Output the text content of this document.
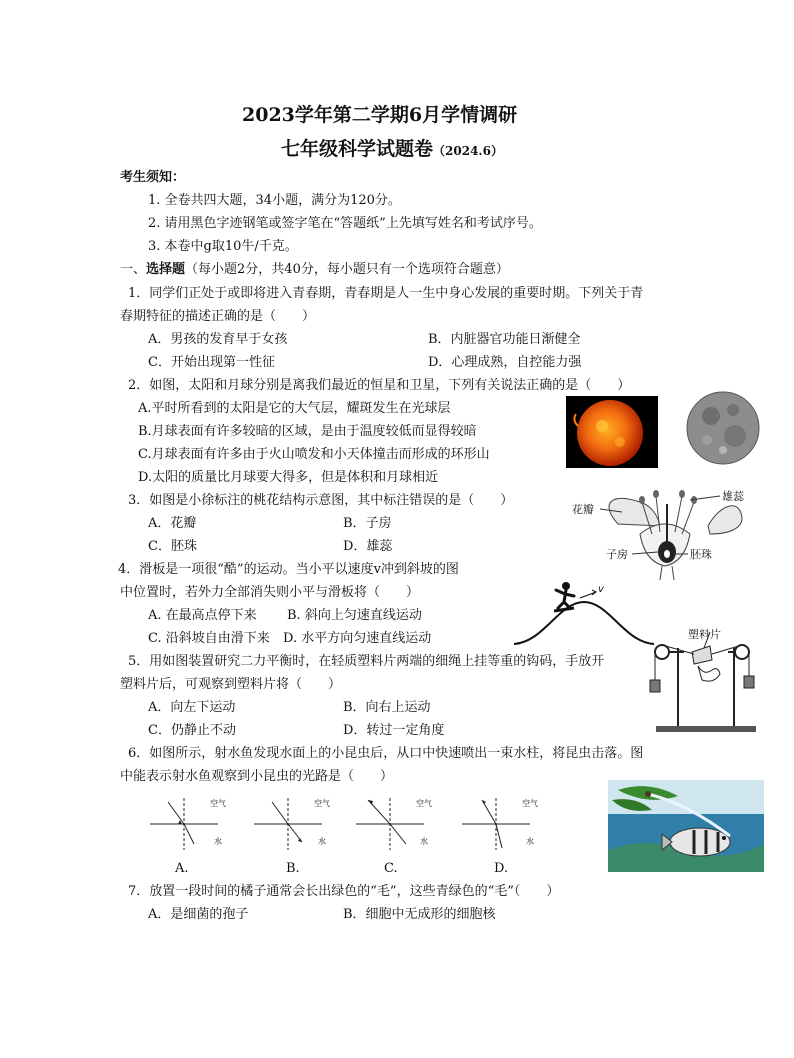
2023学年第二学期6月学情调研
七年级科学试题卷（2024.6）
考生须知：
1. 全卷共四大题，34小题，满分为120分。
2. 请用黑色字迹钢笔或签字笔在“答题纸”上先填写姓名和考试序号。
3. 本卷中g取10牛/千克。
一、选择题（每小题2分，共40分，每小题只有一个选项符合题意）
1．同学们正处于或即将进入青春期，青春期是人一生中身心发展的重要时期。下列关于青
春期特征的描述正确的是（　　）
A．男孩的发育早于女孩	B．内脏器官功能日渐健全
C．开始出现第一性征	D．心理成熟，自控能力强
2．如图，太阳和月球分别是离我们最近的恒星和卫星，下列有关说法正确的是（　　）
A.平时所看到的太阳是它的大气层，耀斑发生在光球层
B.月球表面有许多较暗的区域，是由于温度较低而显得较暗
C.月球表面有许多由于火山喷发和小天体撞击而形成的环形山
D.太阳的质量比月球要大得多，但是体积和月球相近
3．如图是小徐标注的桃花结构示意图，其中标注错误的是（　　）
A．花瓣	B．子房
C．胚珠	D．雄蕊
花瓣
雄蕊
子房	胚珠
4．滑板是一项很“酷”的运动。当小平以速度v冲到斜坡的图
中位置时，若外力全部消失则小平与滑板将（　　）
A. 在最高点停下来 B. 斜向上匀速直线运动
C. 沿斜坡自由滑下来 D. 水平方向匀速直线运动
v
5．用如图装置研究二力平衡时，在轻质塑料片两端的细绳上挂等重的钩码，手放开
塑料片后，可观察到塑料片将（　　）
A．向左下运动	B．向右上运动
C．仍静止不动	D．转过一定角度
塑料片
6．如图所示，射水鱼发现水面上的小昆虫后，从口中快速喷出一束水柱，将昆虫击落。图
中能表示射水鱼观察到小昆虫的光路是（　　）
空气
水
空气
水
空气
水
空气
水
A.	B.	C.	D.
7．放置一段时间的橘子通常会长出绿色的“毛”，这些青绿色的“毛”（　　）
A．是细菌的孢子	B．细胞中无成形的细胞核
